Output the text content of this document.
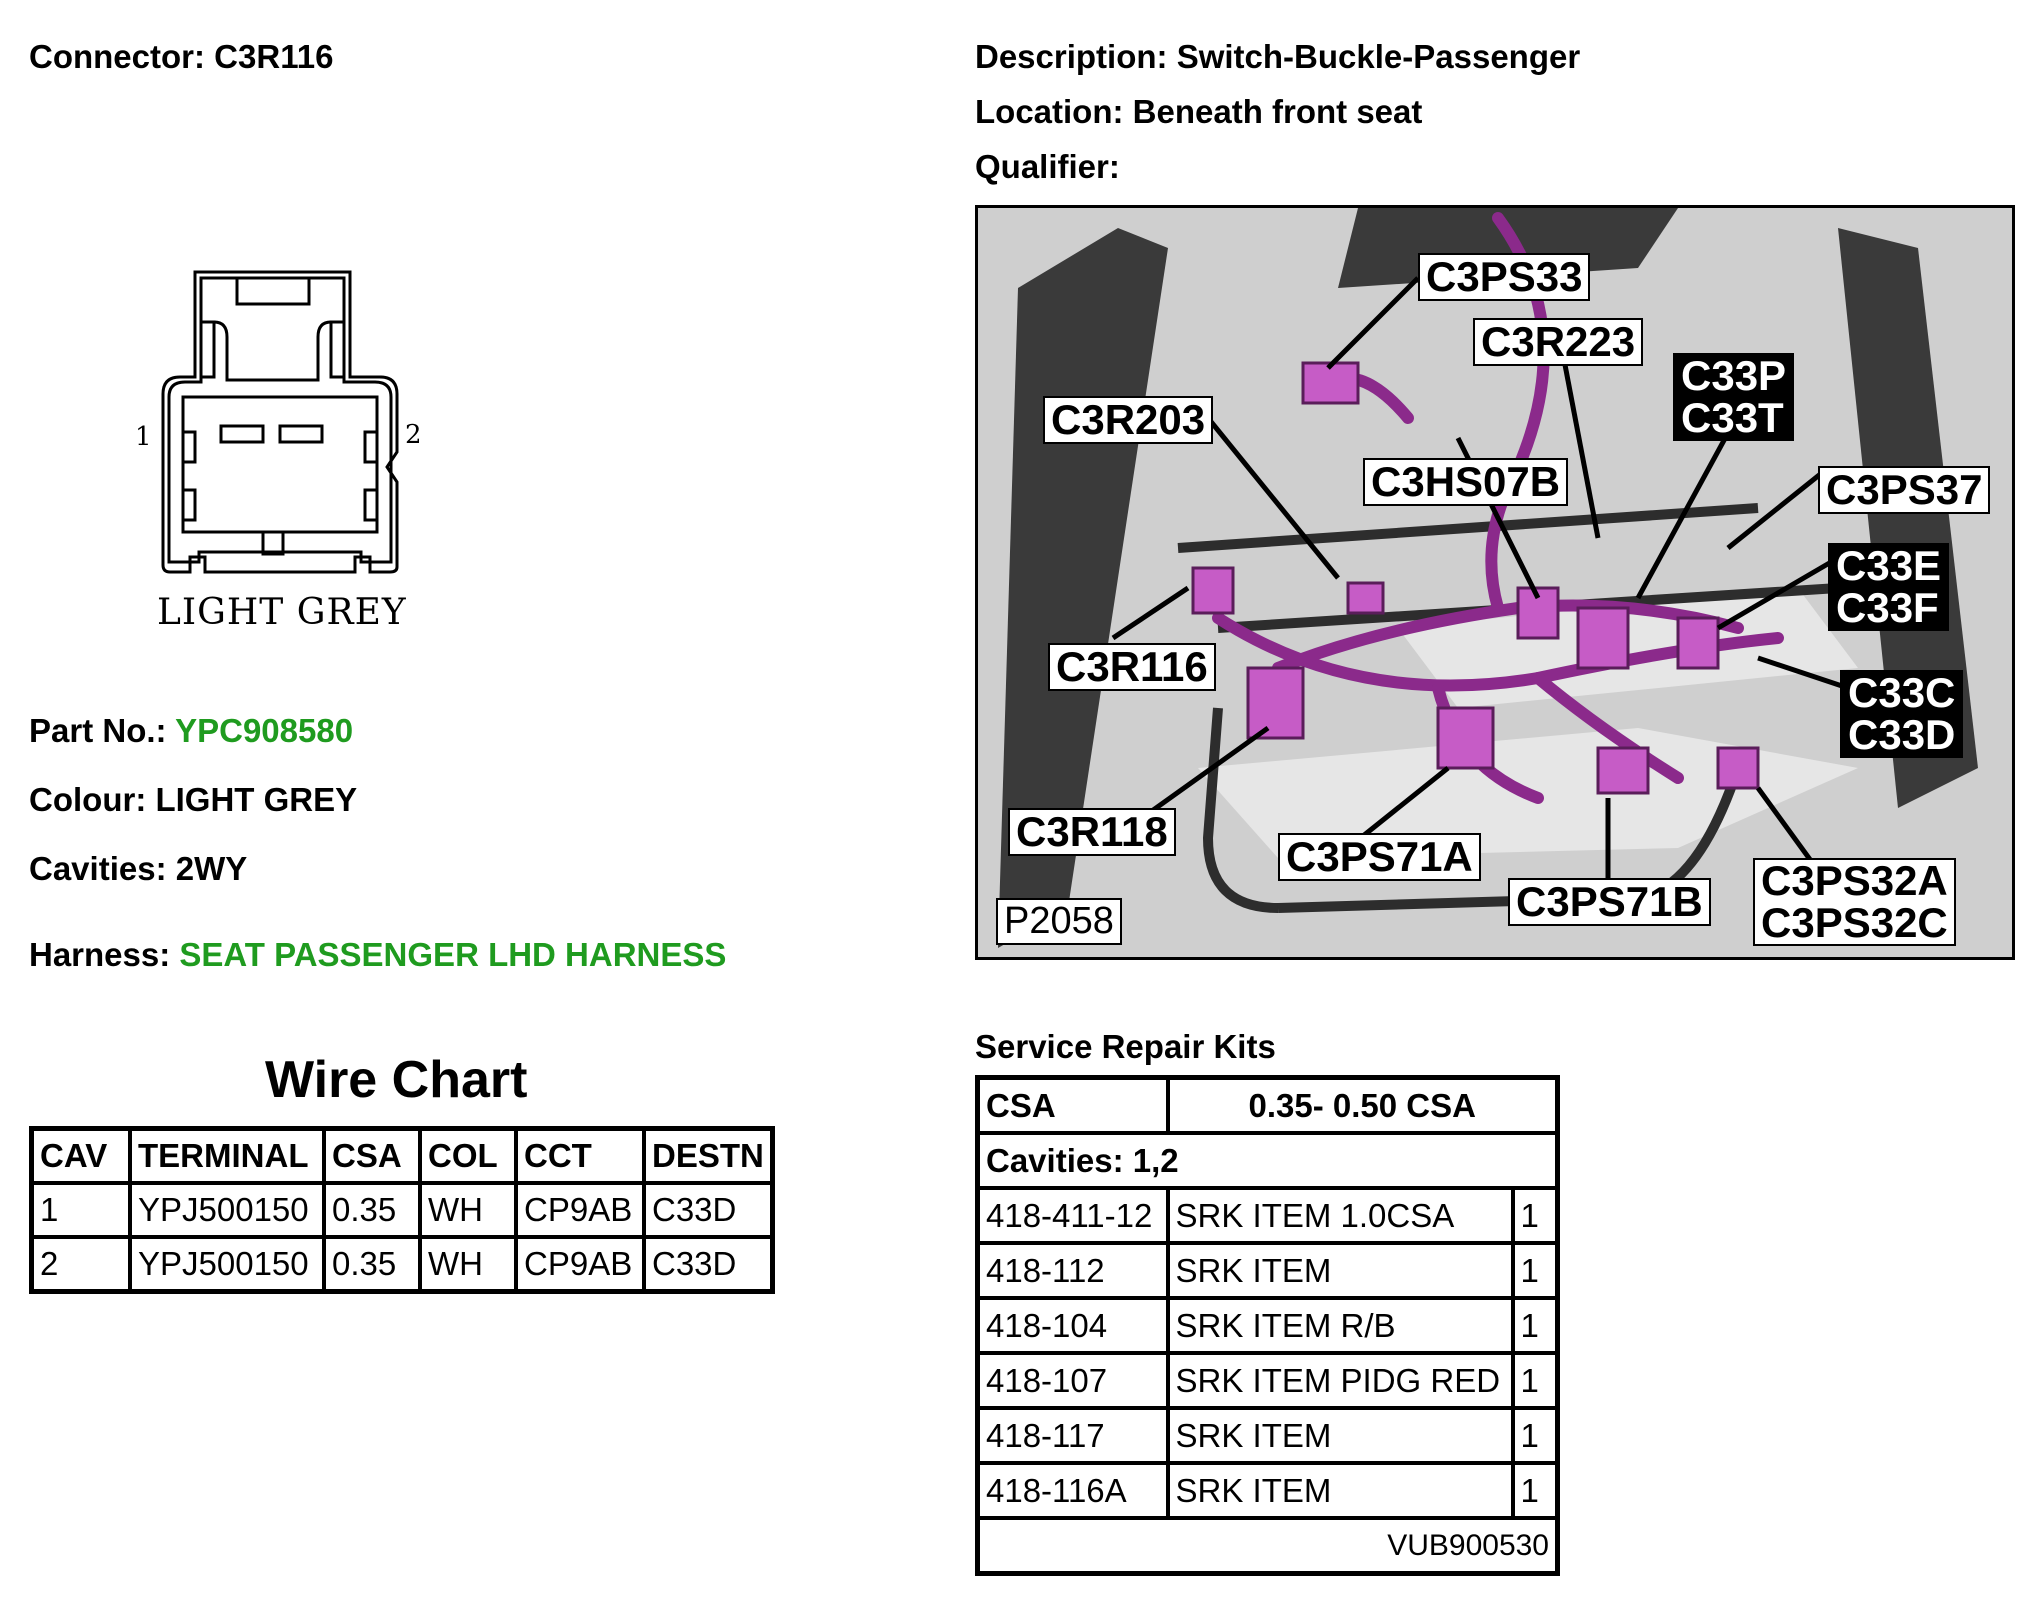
Connector: C3R116	Description: Switch-Buckle-Passenger
Location: Beneath front seat
Qualifier:
1	2
LIGHT GREY
Part No.: YPC908580
Colour: LIGHT GREY
Cavities: 2WY
Harness: SEAT PASSENGER LHD HARNESS
Wire Chart
CAV	TERMINAL	CSA	COL	CCT	DESTN
1	YPJ500150	0.35	WH	CP9AB	C33D
2	YPJ500150	0.35	WH	CP9AB	C33D
C3PS33
C3R223
C33P
C33T
C3R203
C3HS07B	C3PS37
C33E
C33F
C3R116
C33C
C33D
C3R118
C3PS71A
C3PS71B C3PS32A
C3PS32C
P2058
Service Repair Kits
CSA	0.35- 0.50 CSA	
Cavities: 1,2		
418-411-12	SRK ITEM 1.0CSA	1
418-112	SRK ITEM	1
418-104	SRK ITEM R/B	1
418-107	SRK ITEM PIDG RED	1
418-117	SRK ITEM	1
418-116A	SRK ITEM	1
VUB900530		
